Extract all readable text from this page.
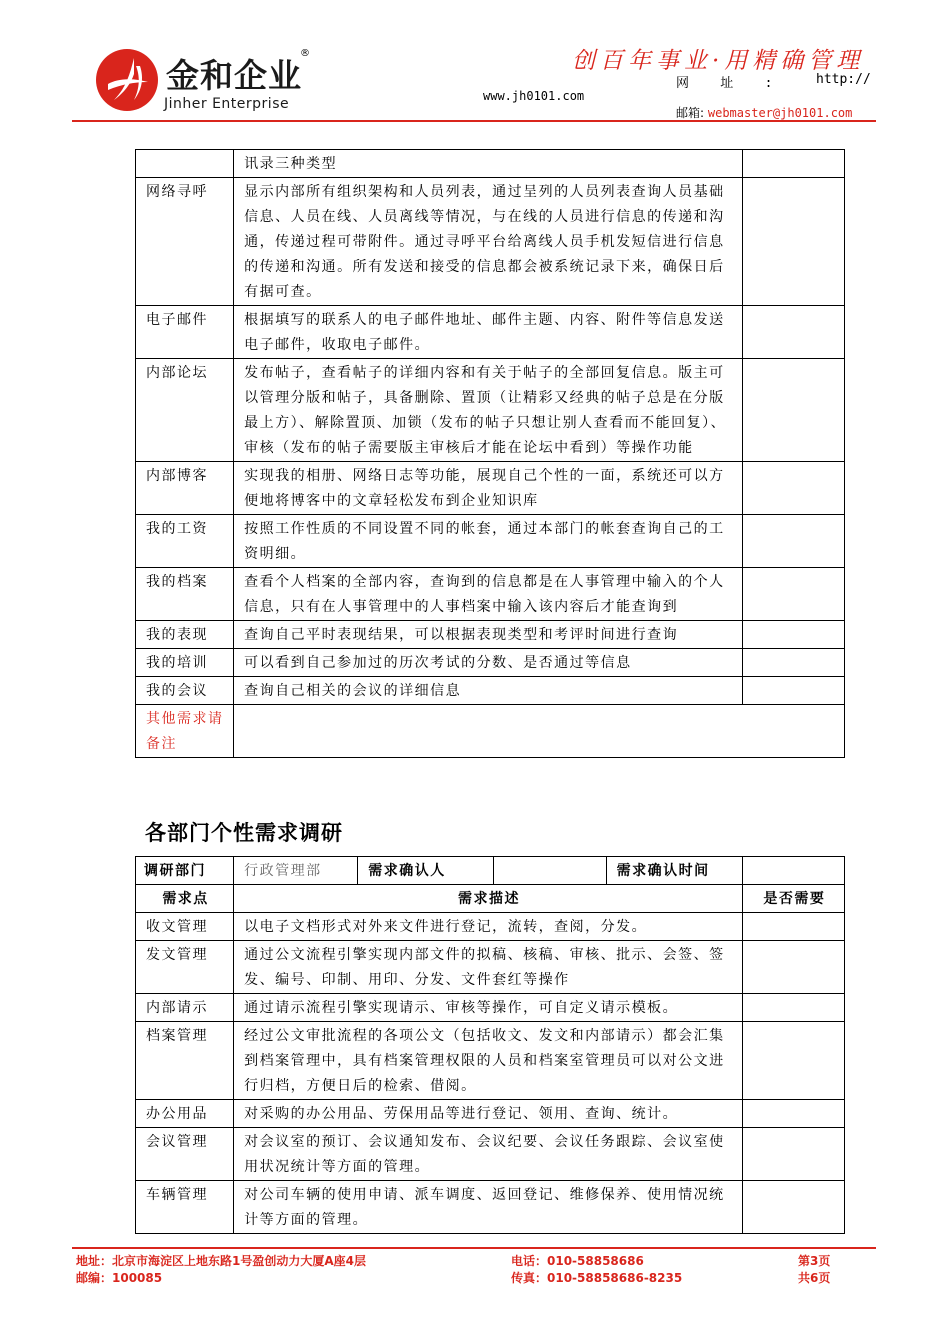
金和企业
®
Jinher Enterprise
创百年事业·用精确管理
网    址    :	http://
www.jh0101.com
邮箱: webmaster@jh0101.com
	讯录三种类型	
网络寻呼	显示内部所有组织架构和人员列表，通过呈列的人员列表查询人员基础信息、人员在线、人员离线等情况，与在线的人员进行信息的传递和沟通，传递过程可带附件。通过寻呼平台给离线人员手机发短信进行信息的传递和沟通。所有发送和接受的信息都会被系统记录下来，确保日后有据可查。	
电子邮件	根据填写的联系人的电子邮件地址、邮件主题、内容、附件等信息发送电子邮件，收取电子邮件。	
内部论坛	发布帖子，查看帖子的详细内容和有关于帖子的全部回复信息。版主可以管理分版和帖子，具备删除、置顶（让精彩又经典的帖子总是在分版最上方）、解除置顶、加锁（发布的帖子只想让别人查看而不能回复）、审核（发布的帖子需要版主审核后才能在论坛中看到）等操作功能	
内部博客	实现我的相册、网络日志等功能，展现自己个性的一面，系统还可以方便地将博客中的文章轻松发布到企业知识库	
我的工资	按照工作性质的不同设置不同的帐套，通过本部门的帐套查询自己的工资明细。	
我的档案	查看个人档案的全部内容，查询到的信息都是在人事管理中输入的个人信息，只有在人事管理中的人事档案中输入该内容后才能查询到	
我的表现	查询自己平时表现结果，可以根据表现类型和考评时间进行查询	
我的培训	可以看到自己参加过的历次考试的分数、是否通过等信息	
我的会议	查询自己相关的会议的详细信息	
其他需求请备注		
各部门个性需求调研
调研部门	行政管理部	需求确认人		需求确认时间	
需求点	需求描述				是否需要
收文管理	以电子文档形式对外来文件进行登记，流转，查阅，分发。				
发文管理	通过公文流程引擎实现内部文件的拟稿、核稿、审核、批示、会签、签发、编号、印制、用印、分发、文件套红等操作				
内部请示	通过请示流程引擎实现请示、审核等操作，可自定义请示模板。				
档案管理	经过公文审批流程的各项公文（包括收文、发文和内部请示）都会汇集到档案管理中，具有档案管理权限的人员和档案室管理员可以对公文进行归档，方便日后的检索、借阅。				
办公用品	对采购的办公用品、劳保用品等进行登记、领用、查询、统计。				
会议管理	对会议室的预订、会议通知发布、会议纪要、会议任务跟踪、会议室使用状况统计等方面的管理。				
车辆管理	对公司车辆的使用申请、派车调度、返回登记、维修保养、使用情况统计等方面的管理。				
地址：北京市海淀区上地东路1号盈创动力大厦A座4层
邮编：100085
电话：010-58858686
传真：010-58858686-8235
第3页
共6页
